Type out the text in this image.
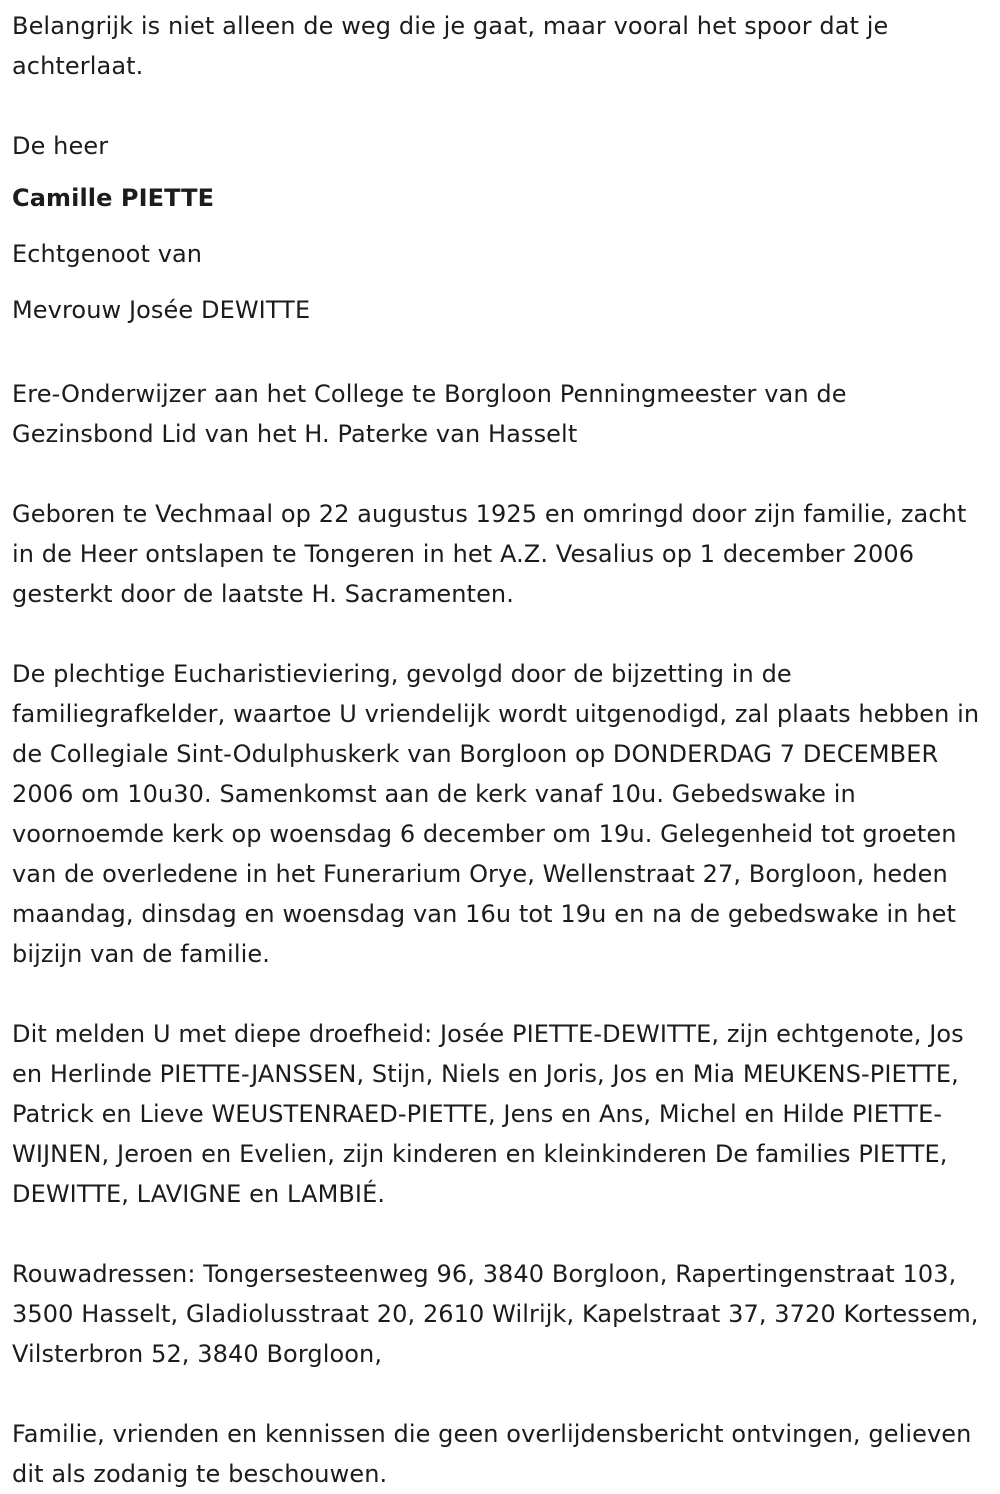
Belangrijk is niet alleen de weg die je gaat, maar vooral het spoor dat je achterlaat.

De heer

Camille PIETTE

Echtgenoot van

Mevrouw Josée DEWITTE

Ere-Onderwijzer aan het College te Borgloon Penningmeester van de Gezinsbond Lid van het H. Paterke van Hasselt

Geboren te Vechmaal op 22 augustus 1925 en omringd door zijn familie, zacht in de Heer ontslapen te Tongeren in het A.Z. Vesalius op 1 december 2006 gesterkt door de laatste H. Sacramenten.

De plechtige Eucharistieviering, gevolgd door de bijzetting in de familiegrafkelder, waartoe U vriendelijk wordt uitgenodigd, zal plaats hebben in de Collegiale Sint-Odulphuskerk van Borgloon op DONDERDAG 7 DECEMBER 2006 om 10u30. Samenkomst aan de kerk vanaf 10u. Gebedswake in voornoemde kerk op woensdag 6 december om 19u. Gelegenheid tot groeten van de overledene in het Funerarium Orye, Wellenstraat 27, Borgloon, heden maandag, dinsdag en woensdag van 16u tot 19u en na de gebedswake in het bijzijn van de familie.

Dit melden U met diepe droefheid: Josée PIETTE-DEWITTE, zijn echtgenote, Jos en Herlinde PIETTE-JANSSEN, Stijn, Niels en Joris, Jos en Mia MEUKENS-PIETTE, Patrick en Lieve WEUSTENRAED-PIETTE, Jens en Ans, Michel en Hilde PIETTE-WIJNEN, Jeroen en Evelien, zijn kinderen en kleinkinderen De families PIETTE, DEWITTE, LAVIGNE en LAMBIÉ.

Rouwadressen: Tongersesteenweg 96, 3840 Borgloon, Rapertingenstraat 103, 3500 Hasselt, Gladiolusstraat 20, 2610 Wilrijk, Kapelstraat 37, 3720 Kortessem, Vilsterbron 52, 3840 Borgloon,

Familie, vrienden en kennissen die geen overlijdensbericht ontvingen, gelieven dit als zodanig te beschouwen.
